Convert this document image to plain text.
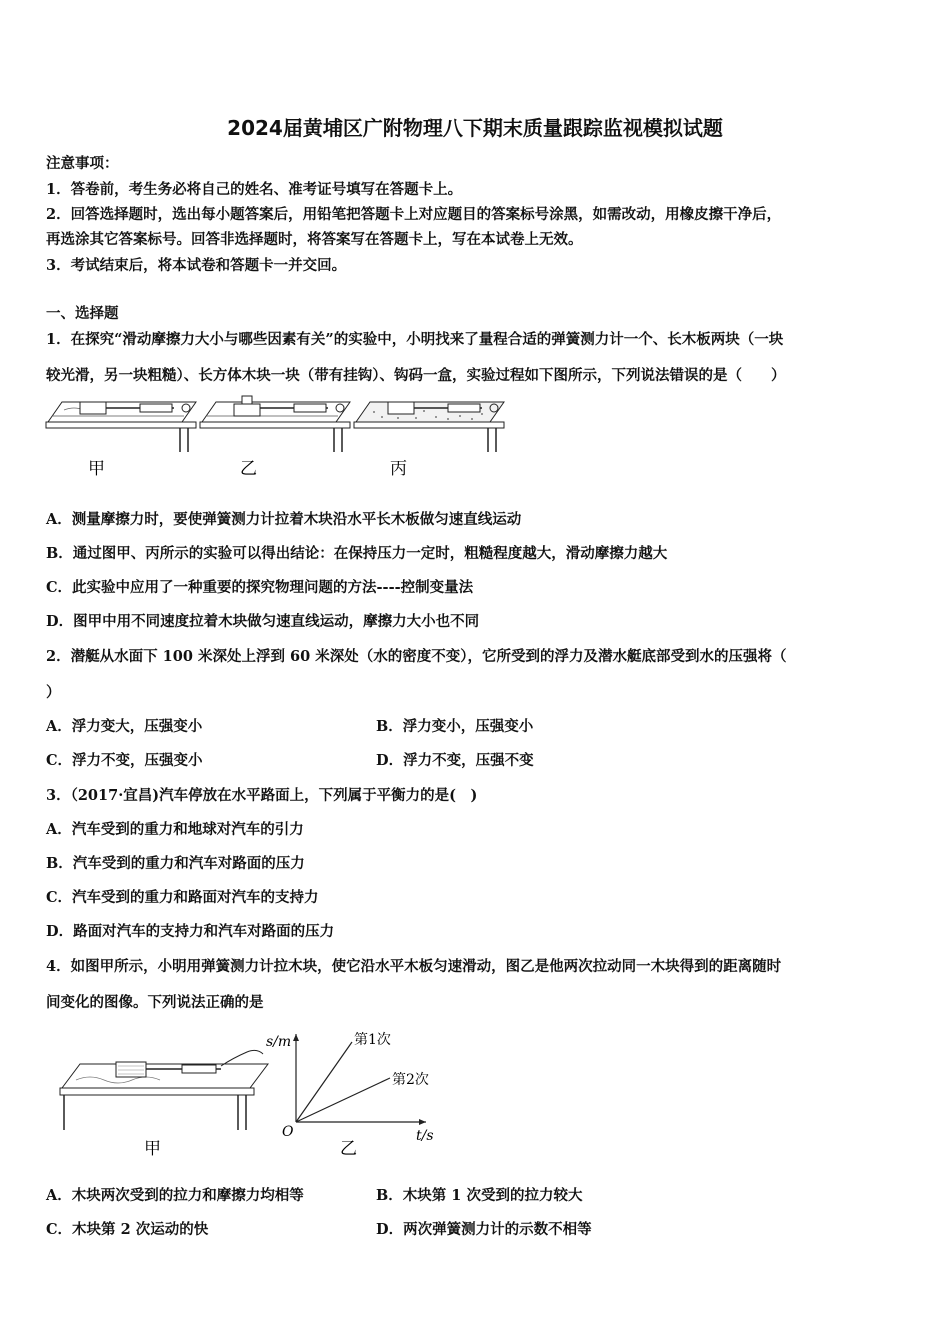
2024届黄埔区广附物理八下期末质量跟踪监视模拟试题
注意事项：
1．答卷前，考生务必将自己的姓名、准考证号填写在答题卡上。
2．回答选择题时，选出每小题答案后，用铅笔把答题卡上对应题目的答案标号涂黑，如需改动，用橡皮擦干净后，
再选涂其它答案标号。回答非选择题时，将答案写在答题卡上，写在本试卷上无效。
3．考试结束后，将本试卷和答题卡一并交回。
一、选择题
1．在探究“滑动摩擦力大小与哪些因素有关”的实验中，小明找来了量程合适的弹簧测力计一个、长木板两块（一块
较光滑，另一块粗糙）、长方体木块一块（带有挂钩）、钩码一盒，实验过程如下图所示，下列说法错误的是（　　）
甲	乙	丙
A．测量摩擦力时，要使弹簧测力计拉着木块沿水平长木板做匀速直线运动
B．通过图甲、丙所示的实验可以得出结论：在保持压力一定时，粗糙程度越大，滑动摩擦力越大
C．此实验中应用了一种重要的探究物理问题的方法----控制变量法
D．图甲中用不同速度拉着木块做匀速直线运动，摩擦力大小也不同
2．潜艇从水面下 100 米深处上浮到 60 米深处（水的密度不变），它所受到的浮力及潜水艇底部受到水的压强将（
）
A．浮力变大，压强变小	B．浮力变小，压强变小
C．浮力不变，压强变小	D．浮力不变，压强不变
3．（2017·宜昌)汽车停放在水平路面上，下列属于平衡力的是(　)
A．汽车受到的重力和地球对汽车的引力
B．汽车受到的重力和汽车对路面的压力
C．汽车受到的重力和路面对汽车的支持力
D．路面对汽车的支持力和汽车对路面的压力
4．如图甲所示，小明用弹簧测力计拉木块，使它沿水平木板匀速滑动，图乙是他两次拉动同一木块得到的距离随时
间变化的图像。下列说法正确的是
甲
s/m
t/s
O
第1次
第2次
乙
A．木块两次受到的拉力和摩擦力均相等	B．木块第 1 次受到的拉力较大
C．木块第 2 次运动的快	D．两次弹簧测力计的示数不相等
